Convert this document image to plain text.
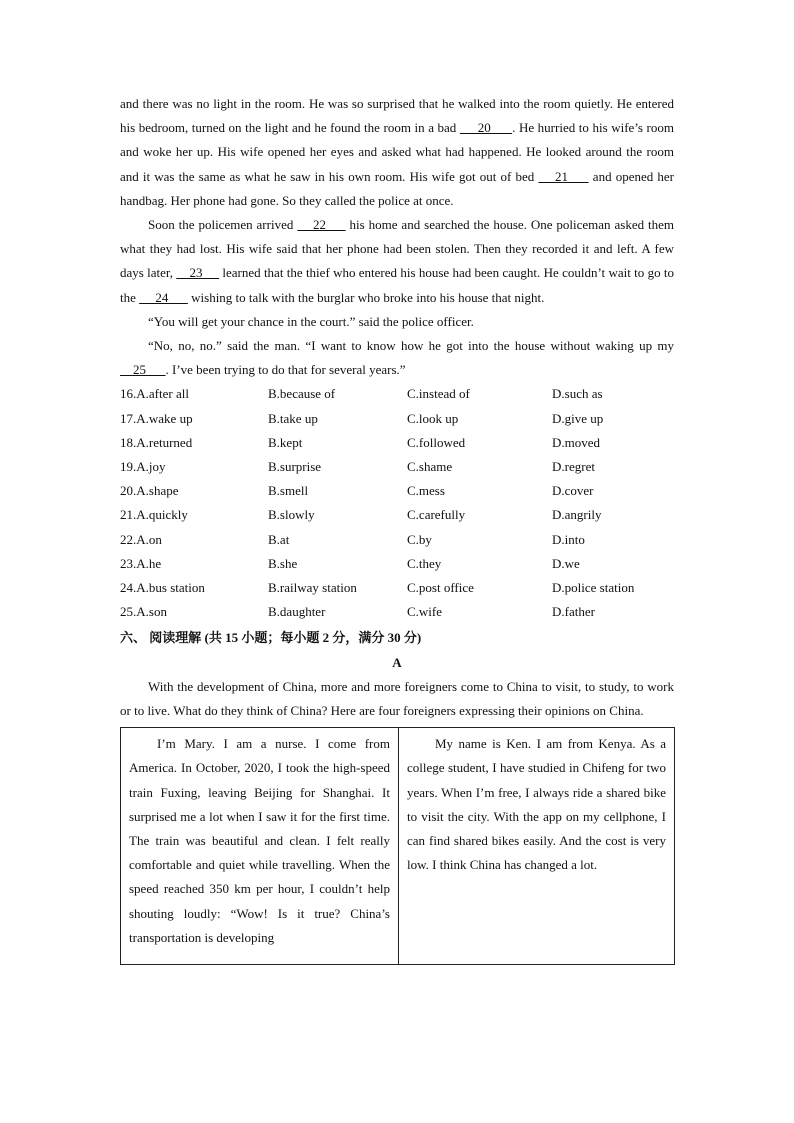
and there was no light in the room. He was so surprised that he walked into the room quietly. He entered his bedroom, turned on the light and he found the room in a bad      20      . He hurried to his wife’s room and woke her up. His wife opened her eyes and asked what had happened. He looked around the room and it was the same as what he saw in his own room. His wife got out of bed     21      and opened her handbag. Her phone had gone. So they called the police at once.

Soon the policemen arrived     22      his home and searched the house. One policeman asked them what they had lost. His wife said that her phone had been stolen. Then they recorded it and left. A few days later,     23      learned that the thief who entered his house had been caught. He couldn’t wait to go to the      24       wishing to talk with the burglar who broke into his house that night.

“You will get your chance in the court.” said the police officer.

“No, no, no.” said the man. “I want to know how he got into the house without waking up my     25      . I’ve been trying to do that for several years.”

16.A.after all	B.because of	C.instead of	D.such as
17.A.wake up	B.take up	C.look up	D.give up
18.A.returned	B.kept	C.followed	D.moved
19.A.joy	B.surprise	C.shame	D.regret
20.A.shape	B.smell	C.mess	D.cover
21.A.quickly	B.slowly	C.carefully	D.angrily
22.A.on	B.at	C.by	D.into
23.A.he	B.she	C.they	D.we
24.A.bus station	B.railway station	C.post office	D.police station
25.A.son	B.daughter	C.wife	D.father
六、 阅读理解 (共 15 小题；每小题 2 分，满分 30 分)
A

With the development of China, more and more foreigners come to China to visit, to study, to work or to live. What do they think of China? Here are four foreigners expressing their opinions on China.

I’m Mary. I am a nurse. I come from America. In October, 2020, I took the high-speed train Fuxing, leaving Beijing for Shanghai. It surprised me a lot when I saw it for the first time. The train was beautiful and clean. I felt really comfortable and quiet while travelling. When the speed reached 350 km per hour, I couldn’t help shouting loudly: “Wow! Is it true? China’s transportation is developing

My name is Ken. I am from Kenya. As a college student, I have studied in Chifeng for two years. When I’m free, I always ride a shared bike to visit the city. With the app on my cellphone, I can find shared bikes easily. And the cost is very low. I think China has changed a lot.
